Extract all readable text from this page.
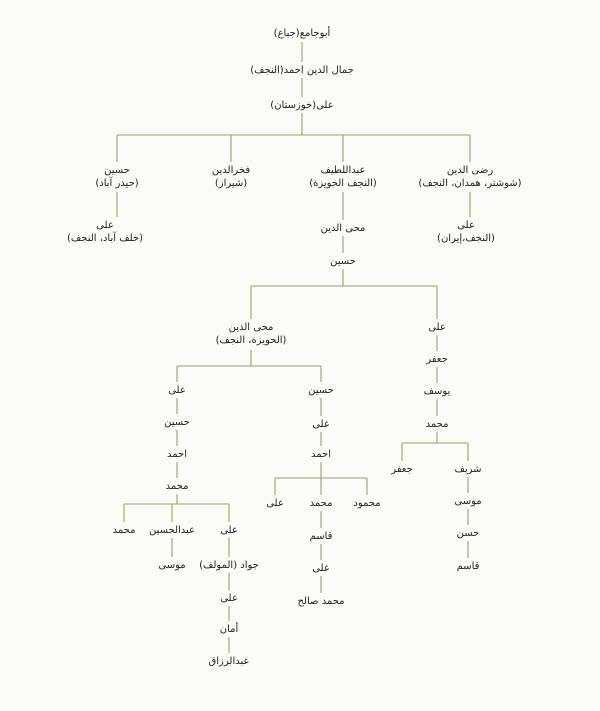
أبوجامع(جباع)
جمال الدين احمد(النجف)
علی(خوزستان)
حسين
(حيدر آباد)
فخرالدين
(شيراز)
عبداللطيف
(النجف الحويزة)
رضی الدين
(شوشتر، همدان، النجف)
علی
(خلف آباد، النجف)
علی
(النجف،إيران)
محی الدين
حسين
محی الدين
(الحويزة، النجف)
علی
جعفر
يوسف
محمد
جعفر	شريف
موسی
حسن
قاسم
علی
حسين
احمد
محمد
حسين
علی
احمد
علی	محمد محمود
قاسم
علی
محمد صالح
محمد عبدالحسين	علی
موسی جواد (المولف)
علی
أمان
عبدالرزاق
